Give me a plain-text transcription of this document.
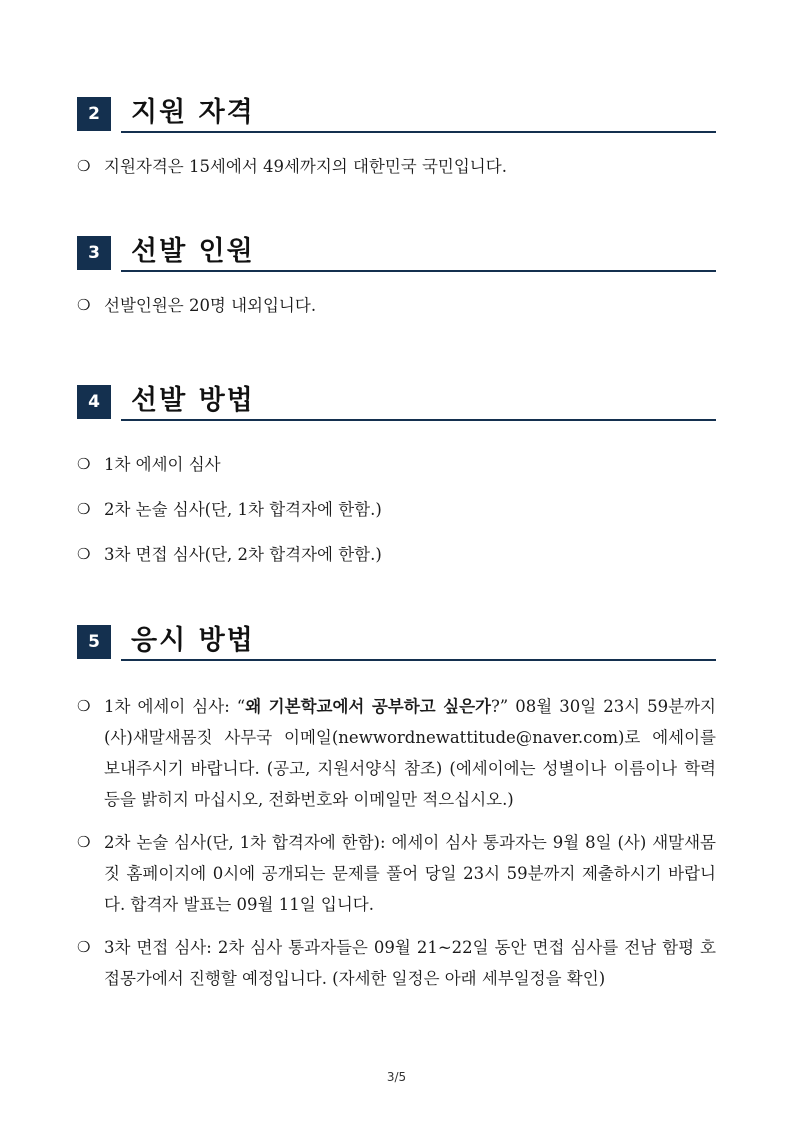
2	지원 자격
❍ 지원자격은 15세에서 49세까지의 대한민국 국민입니다.
3	선발 인원
❍ 선발인원은 20명 내외입니다.
4	선발 방법
❍ 1차 에세이 심사
❍ 2차 논술 심사(단, 1차 합격자에 한함.)
❍ 3차 면접 심사(단, 2차 합격자에 한함.)
5	응시 방법
❍ 1차 에세이 심사: “왜 기본학교에서 공부하고 싶은가?” 08월 30일 23시 59분까지 (사)새말새몸짓 사무국 이메일(newwordnewattitude@naver.com)로 에세이를 보내주시기 바랍니다. (공고, 지원서양식 참조) (에세이에는 성별이나 이름이나 학력 등을 밝히지 마십시오, 전화번호와 이메일만 적으십시오.)
❍ 2차 논술 심사(단, 1차 합격자에 한함): 에세이 심사 통과자는 9월 8일 (사) 새말새몸짓 홈페이지에 0시에 공개되는 문제를 풀어 당일 23시 59분까지 제출하시기 바랍니다. 합격자 발표는 09월 11일 입니다.
❍ 3차 면접 심사: 2차 심사 통과자들은 09월 21~22일 동안 면접 심사를 전남 함평 호접몽가에서 진행할 예정입니다. (자세한 일정은 아래 세부일정을 확인)
3/5
